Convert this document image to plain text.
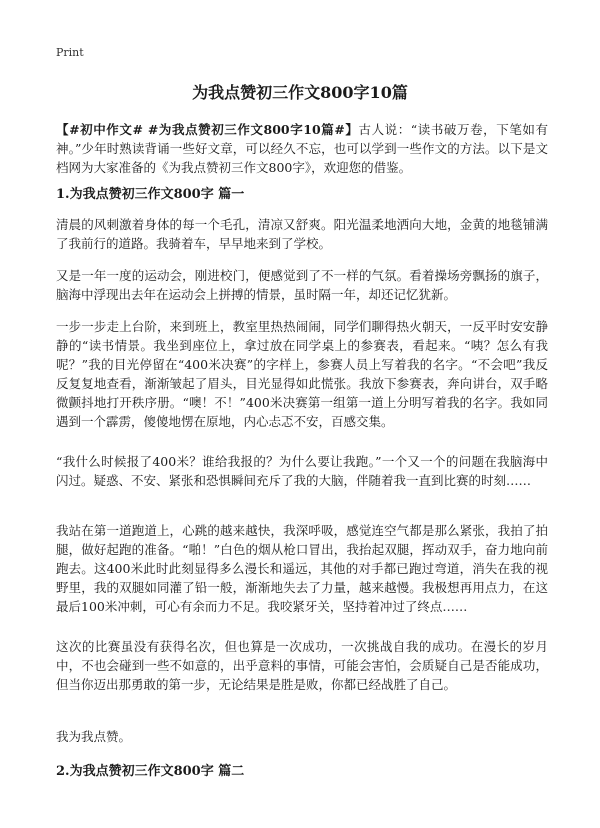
Print
为我点赞初三作文800字10篇

【#初中作文# #为我点赞初三作文800字10篇#】古人说：“读书破万卷，下笔如有神。”少年时熟读背诵一些好文章，可以经久不忘，也可以学到一些作文的方法。以下是文档网为大家准备的《为我点赞初三作文800字》，欢迎您的借鉴。

1.为我点赞初三作文800字 篇一

清晨的风刺激着身体的每一个毛孔，清凉又舒爽。阳光温柔地洒向大地，金黄的地毯铺满了我前行的道路。我骑着车，早早地来到了学校。

又是一年一度的运动会，刚进校门，便感觉到了不一样的气氛。看着操场旁飘扬的旗子，脑海中浮现出去年在运动会上拼搏的情景，虽时隔一年，却还记忆犹新。

一步一步走上台阶，来到班上，教室里热热闹闹，同学们聊得热火朝天，一反平时安安静静的“读书情景。我坐到座位上，拿过放在同学桌上的参赛表，看起来。“咦？怎么有我呢？”我的目光停留在“400米决赛”的字样上，参赛人员上写着我的名字。“不会吧”我反反复复地查看，渐渐皱起了眉头，目光显得如此慌张。我放下参赛表，奔向讲台，双手略微颤抖地打开秩序册。“噢！不！”400米决赛第一组第一道上分明写着我的名字。我如同遇到一个霹雳，傻傻地愣在原地，内心忐忑不安，百感交集。

“我什么时候报了400米？谁给我报的？为什么要让我跑。”一个又一个的问题在我脑海中闪过。疑惑、不安、紧张和恐惧瞬间充斥了我的大脑，伴随着我一直到比赛的时刻……

我站在第一道跑道上，心跳的越来越快，我深呼吸，感觉连空气都是那么紧张，我拍了拍腿，做好起跑的准备。“啪！”白色的烟从枪口冒出，我抬起双腿，挥动双手，奋力地向前跑去。这400米此时此刻显得多么漫长和遥远，其他的对手都已跑过弯道，消失在我的视野里，我的双腿如同灌了铅一般，渐渐地失去了力量，越来越慢。我极想再用点力，在这最后100米冲刺，可心有余而力不足。我咬紧牙关，坚持着冲过了终点……

这次的比赛虽没有获得名次，但也算是一次成功，一次挑战自我的成功。在漫长的岁月中，不也会碰到一些不如意的，出乎意料的事情，可能会害怕，会质疑自己是否能成功，但当你迈出那勇敢的第一步，无论结果是胜是败，你都已经战胜了自己。

我为我点赞。

2.为我点赞初三作文800字 篇二
